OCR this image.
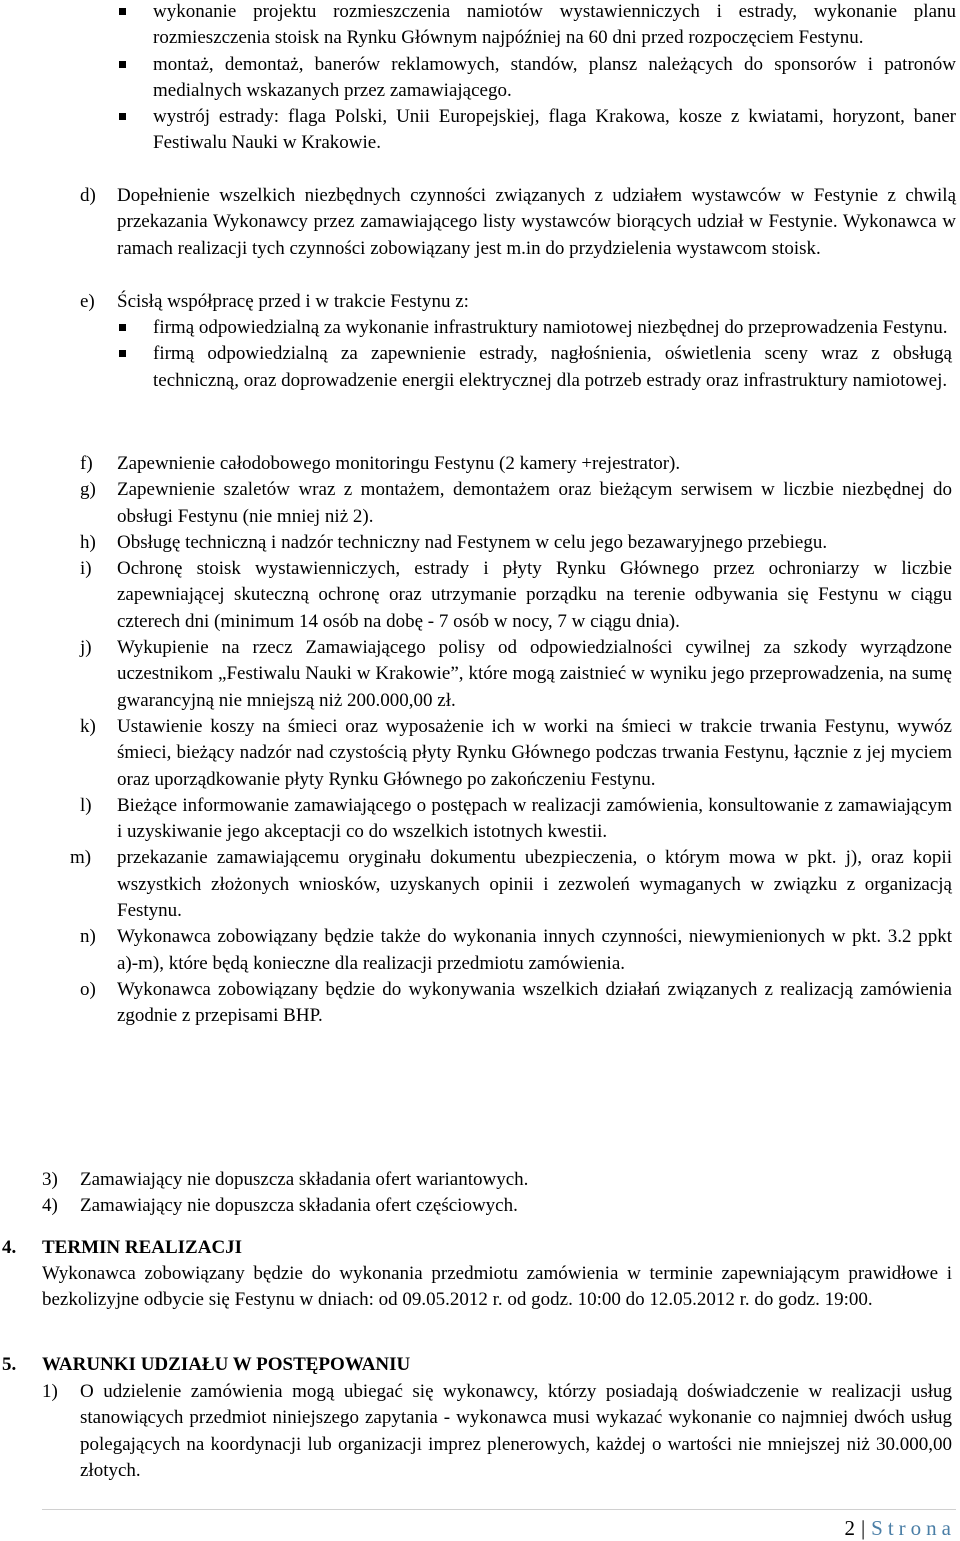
wykonanie projektu rozmieszczenia namiotów wystawienniczych i estrady, wykonanie planu rozmieszczenia stoisk na Rynku Głównym najpóźniej na 60 dni przed rozpoczęciem Festynu.
montaż, demontaż, banerów reklamowych, standów, plansz należących do sponsorów i patronów medialnych wskazanych przez zamawiającego.
wystrój estrady: flaga Polski, Unii Europejskiej, flaga Krakowa, kosze z kwiatami, horyzont, baner Festiwalu Nauki w Krakowie.
d) Dopełnienie wszelkich niezbędnych czynności związanych z udziałem wystawców w Festynie z chwilą przekazania Wykonawcy przez zamawiającego listy wystawców biorących udział w Festynie. Wykonawca w ramach realizacji tych czynności zobowiązany jest m.in do przydzielenia wystawcom stoisk.
e) Ścisłą współpracę przed i w trakcie Festynu z:
firmą odpowiedzialną za wykonanie infrastruktury namiotowej niezbędnej do przeprowadzenia Festynu.
firmą odpowiedzialną za zapewnienie estrady, nagłośnienia, oświetlenia sceny wraz z obsługą techniczną, oraz doprowadzenie energii elektrycznej dla potrzeb estrady oraz infrastruktury namiotowej.
f) Zapewnienie całodobowego monitoringu Festynu (2 kamery +rejestrator).
g) Zapewnienie szaletów wraz z montażem, demontażem oraz bieżącym serwisem w liczbie niezbędnej do obsługi Festynu (nie mniej niż 2).
h) Obsługę techniczną i nadzór techniczny nad Festynem w celu jego bezawaryjnego przebiegu.
i) Ochronę stoisk wystawienniczych, estrady i płyty Rynku Głównego przez ochroniarzy w liczbie zapewniającej skuteczną ochronę oraz utrzymanie porządku na terenie odbywania się Festynu w ciągu czterech dni (minimum 14 osób na dobę - 7 osób w nocy, 7 w ciągu dnia).
j) Wykupienie na rzecz Zamawiającego polisy od odpowiedzialności cywilnej za szkody wyrządzone uczestnikom „Festiwalu Nauki w Krakowie”, które mogą zaistnieć w wyniku jego przeprowadzenia, na sumę gwarancyjną nie mniejszą niż 200.000,00 zł.
k) Ustawienie koszy na śmieci oraz wyposażenie ich w worki na śmieci w trakcie trwania Festynu, wywóz śmieci, bieżący nadzór nad czystością płyty Rynku Głównego podczas trwania Festynu, łącznie z jej myciem oraz uporządkowanie płyty Rynku Głównego po zakończeniu Festynu.
l) Bieżące informowanie zamawiającego o postępach w realizacji zamówienia, konsultowanie z zamawiającym i uzyskiwanie jego akceptacji co do wszelkich istotnych kwestii.
m) przekazanie zamawiającemu oryginału dokumentu ubezpieczenia, o którym mowa w pkt. j), oraz kopii wszystkich złożonych wniosków, uzyskanych opinii i zezwoleń wymaganych w związku z organizacją Festynu.
n) Wykonawca zobowiązany będzie także do wykonania innych czynności, niewymienionych w pkt. 3.2 ppkt a)-m), które będą konieczne dla realizacji przedmiotu zamówienia.
o) Wykonawca zobowiązany będzie do wykonywania wszelkich działań związanych z realizacją zamówienia zgodnie z przepisami BHP.
3) Zamawiający nie dopuszcza składania ofert wariantowych.
4) Zamawiający nie dopuszcza składania ofert częściowych.
4. TERMIN REALIZACJI
Wykonawca zobowiązany będzie do wykonania przedmiotu zamówienia w terminie zapewniającym prawidłowe i bezkolizyjne odbycie się Festynu w dniach: od 09.05.2012 r. od godz. 10:00 do 12.05.2012 r. do godz. 19:00.
5. WARUNKI UDZIAŁU W POSTĘPOWANIU
1) O udzielenie zamówienia mogą ubiegać się wykonawcy, którzy posiadają doświadczenie w realizacji usług stanowiących przedmiot niniejszego zapytania - wykonawca musi wykazać wykonanie co najmniej dwóch usług polegających na koordynacji lub organizacji imprez plenerowych, każdej o wartości nie mniejszej niż 30.000,00 złotych.
2 | Strona
